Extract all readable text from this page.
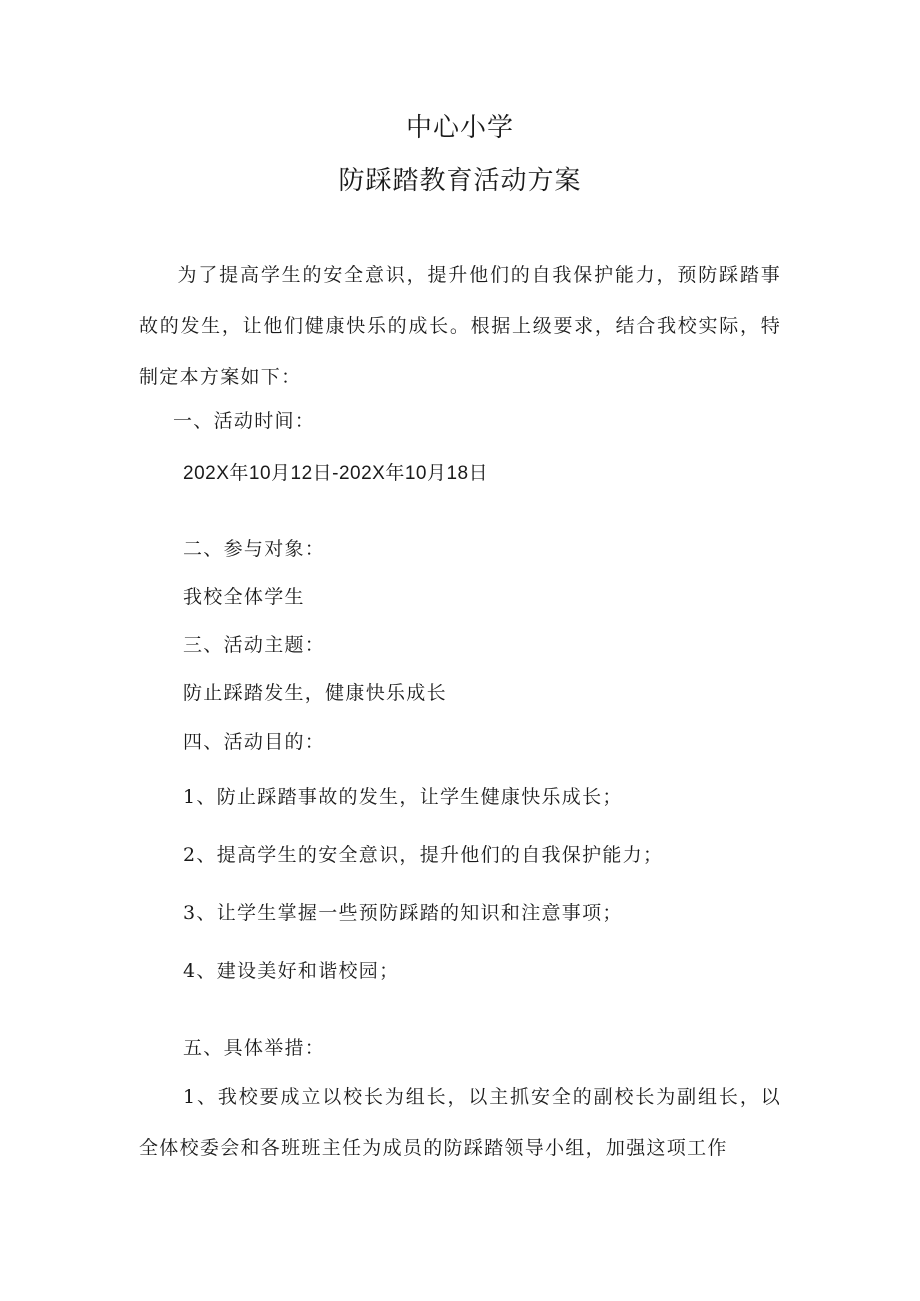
中心小学
防踩踏教育活动方案
为了提高学生的安全意识，提升他们的自我保护能力，预防踩踏事故的发生，让他们健康快乐的成长。根据上级要求，结合我校实际，特制定本方案如下：
一、活动时间：
202X年10月12日-202X年10月18日
二、参与对象：
我校全体学生
三、活动主题：
防止踩踏发生，健康快乐成长
四、活动目的：
1、防止踩踏事故的发生，让学生健康快乐成长；
2、提高学生的安全意识，提升他们的自我保护能力；
3、让学生掌握一些预防踩踏的知识和注意事项；
4、建设美好和谐校园；
五、具体举措：
1、我校要成立以校长为组长，以主抓安全的副校长为副组长，以全体校委会和各班班主任为成员的防踩踏领导小组，加强这项工作
